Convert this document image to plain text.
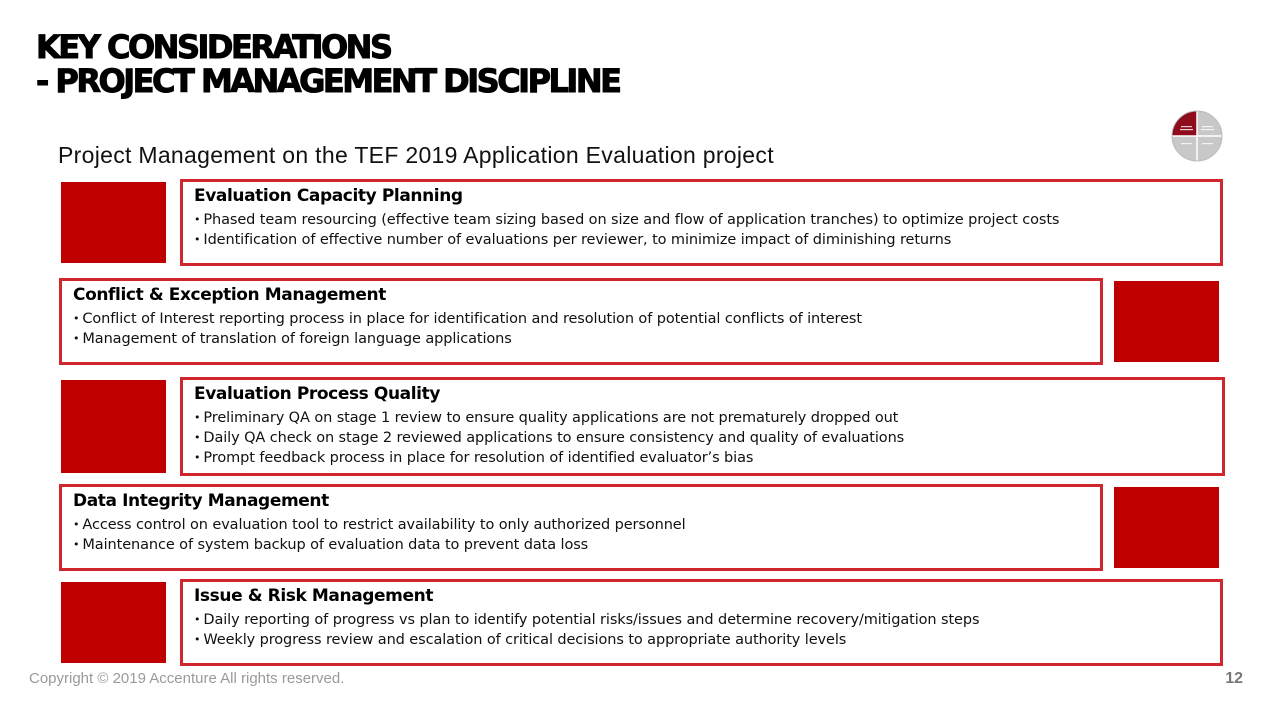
KEY CONSIDERATIONS
- PROJECT MANAGEMENT DISCIPLINE
Project Management on the TEF 2019 Application Evaluation project
Evaluation Capacity Planning
• Phased team resourcing (effective team sizing based on size and flow of application tranches) to optimize project costs
• Identification of effective number of evaluations per reviewer, to minimize impact of diminishing returns
Conflict & Exception Management
• Conflict of Interest reporting process in place for identification and resolution of potential conflicts of interest
• Management of translation of foreign language applications
Evaluation Process Quality
• Preliminary QA on stage 1 review to ensure quality applications are not prematurely dropped out
• Daily QA check on stage 2 reviewed applications to ensure consistency and quality of evaluations
• Prompt feedback process in place for resolution of identified evaluator’s bias
Data Integrity Management
• Access control on evaluation tool to restrict availability to only authorized personnel
• Maintenance of system backup of evaluation data to prevent data loss
Issue & Risk Management
• Daily reporting of progress vs plan to identify potential risks/issues and determine recovery/mitigation steps
• Weekly progress review and escalation of critical decisions to appropriate authority levels
Copyright © 2019 Accenture All rights reserved.	12
